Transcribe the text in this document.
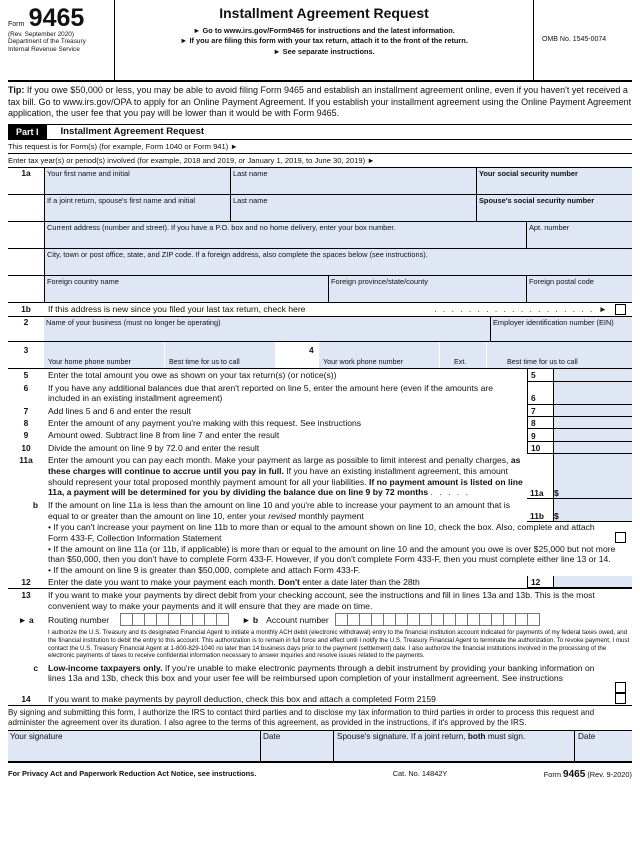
Form 9465
(Rev. September 2020)
Department of the Treasury
Internal Revenue Service
Installment Agreement Request
► Go to www.irs.gov/Form9465 for instructions and the latest information.
► If you are filing this form with your tax return, attach it to the front of the return.
► See separate instructions.
OMB No. 1545-0074
Tip: If you owe $50,000 or less, you may be able to avoid filing Form 9465 and establish an installment agreement online, even if you haven't yet received a tax bill. Go to www.irs.gov/OPA to apply for an Online Payment Agreement. If you establish your installment agreement using the Online Payment Agreement application, the user fee that you pay will be lower than it would be with Form 9465.
Part I	Installment Agreement Request
This request is for Form(s) (for example, Form 1040 or Form 941) ►
Enter tax year(s) or period(s) involved (for example, 2018 and 2019, or January 1, 2019, to June 30, 2019) ►
1a	Your first name and initial	Last name	Your social security number
If a joint return, spouse's first name and initial	Last name	Spouse's social security number
Current address (number and street). If you have a P.O. box and no home delivery, enter your box number.	Apt. number
City, town or post office, state, and ZIP code. If a foreign address, also complete the spaces below (see instructions).
Foreign country name	Foreign province/state/county	Foreign postal code
1b	If this address is new since you filed your last tax return, check here	. . . . . . . . . . . . . . . . . . . ►
2	Name of your business (must no longer be operating)	Employer identification number (EIN)
3
Your home phone number	Best time for us to call
4
Your work phone number	Ext.	Best time for us to call
5	Enter the total amount you owe as shown on your tax return(s) (or notice(s))	5
6	If you have any additional balances due that aren't reported on line 5, enter the amount here (even if the amounts are included in an existing installment agreement)	6
7	Add lines 5 and 6 and enter the result	7
8	Enter the amount of any payment you're making with this request. See instructions	8
9	Amount owed. Subtract line 8 from line 7 and enter the result	9
10	Divide the amount on line 9 by 72.0 and enter the result	10
11a	Enter the amount you can pay each month. Make your payment as large as possible to limit interest and penalty charges, as these charges will continue to accrue until you pay in full. If you have an existing installment agreement, this amount should represent your total proposed monthly payment amount for all your liabilities. If no payment amount is listed on line 11a, a payment will be determined for you by dividing the balance due on line 9 by 72 months . . . . .	11a	$
b	If the amount on line 11a is less than the amount on line 10 and you're able to increase your payment to an amount that is equal to or greater than the amount on line 10, enter your revised monthly payment	11b	$
• If you can't increase your payment on line 11b to more than or equal to the amount shown on line 10, check the box. Also, complete and attach Form 433-F, Collection Information Statement
• If the amount on line 11a (or 11b, if applicable) is more than or equal to the amount on line 10 and the amount you owe is over $25,000 but not more than $50,000, then you don't have to complete Form 433-F. However, if you don't complete Form 433-F, then you must complete either line 13 or 14.
• If the amount on line 9 is greater than $50,000, complete and attach Form 433-F.
12	Enter the date you want to make your payment each month. Don't enter a date later than the 28th	12
13	If you want to make your payments by direct debit from your checking account, see the instructions and fill in lines 13a and 13b. This is the most convenient way to make your payments and it will ensure that they are made on time.
► a	Routing number	► b Account number
I authorize the U.S. Treasury and its designated Financial Agent to initiate a monthly ACH debit (electronic withdrawal) entry to the financial institution account indicated for payments of my federal taxes owed, and the financial institution to debit the entry to this account. This authorization is to remain in full force and effect until I notify the U.S. Treasury Financial Agent to terminate the authorization. To revoke payment, I must contact the U.S. Treasury Financial Agent at 1-800-829-1040 no later than 14 business days prior to the payment (settlement) date. I also authorize the financial institutions involved in the processing of the electronic payments of taxes to receive confidential information necessary to answer inquiries and resolve issues related to the payments.
c	Low-income taxpayers only. If you're unable to make electronic payments through a debit instrument by providing your banking information on lines 13a and 13b, check this box and your user fee will be reimbursed upon completion of your installment agreement. See instructions
14	If you want to make payments by payroll deduction, check this box and attach a completed Form 2159
By signing and submitting this form, I authorize the IRS to contact third parties and to disclose my tax information to third parties in order to process this request and administer the agreement over its duration. I also agree to the terms of this agreement, as provided in the instructions, if it's approved by the IRS.
Your signature	Date	Spouse's signature. If a joint return, both must sign.	Date
For Privacy Act and Paperwork Reduction Act Notice, see instructions.	Cat. No. 14842Y	Form 9465 (Rev. 9-2020)
